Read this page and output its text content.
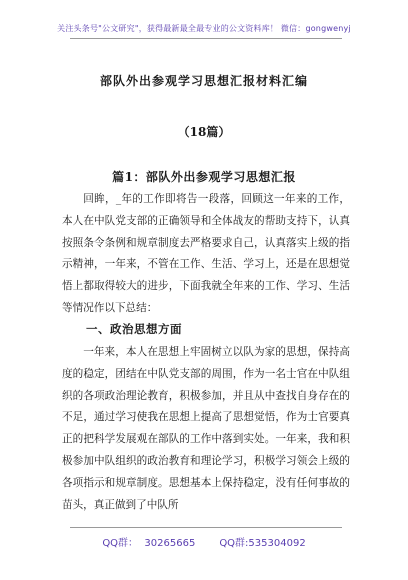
关注头条号"公文研究"，获得最新最全最专业的公文资料库！ 微信：gongwenyj
部队外出参观学习思想汇报材料汇编
（18篇）
篇1：部队外出参观学习思想汇报

回眸，_年的工作即将告一段落，回顾这一年来的工作，本人在中队党支部的正确领导和全体战友的帮助支持下，认真按照条令条例和规章制度去严格要求自己，认真落实上级的指示精神，一年来，不管在工作、生活、学习上，还是在思想觉悟上都取得较大的进步，下面我就全年来的工作、学习、生活等情况作以下总结：

一、政治思想方面

一年来，本人在思想上牢固树立以队为家的思想，保持高度的稳定，团结在中队党支部的周围，作为一名士官在中队组织的各项政治理论教育，积极参加，并且从中查找自身存在的不足，通过学习使我在思想上提高了思想觉悟，作为士官要真正的把科学发展观在部队的工作中落到实处。一年来，我和积极参加中队组织的政治教育和理论学习，积极学习领会上级的各项指示和规章制度。思想基本上保持稳定，没有任何事故的苗头，真正做到了中队所

QQ群：  30265665 QQ群:535304092
